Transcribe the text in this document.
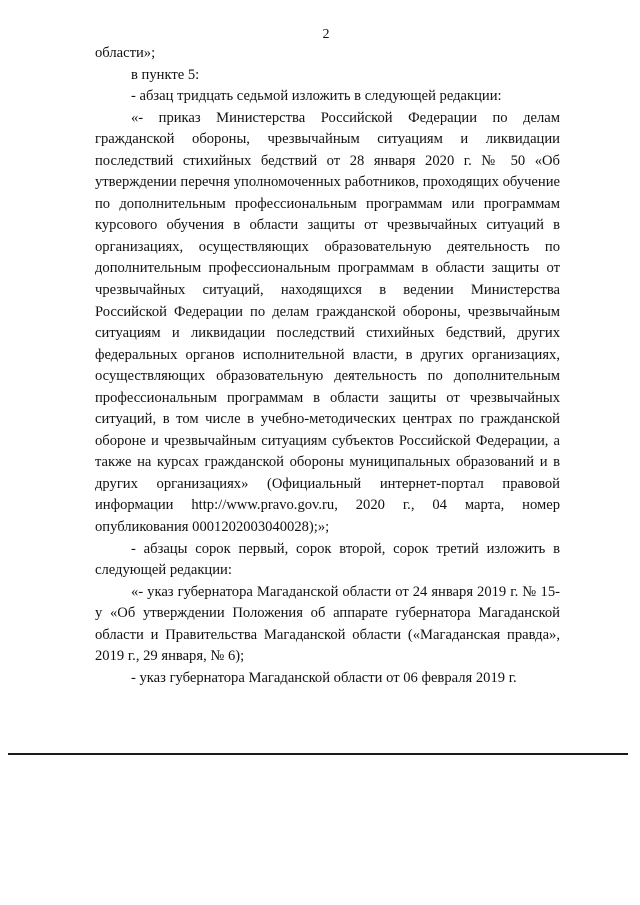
2

области»;

в пункте 5:

- абзац тридцать седьмой изложить в следующей редакции:

«- приказ Министерства Российской Федерации по делам гражданской обороны, чрезвычайным ситуациям и ликвидации последствий стихийных бедствий от 28 января 2020 г. № 50 «Об утверждении перечня уполномоченных работников, проходящих обучение по дополнительным профессиональным программам или программам курсового обучения в области защиты от чрезвычайных ситуаций в организациях, осуществляющих образовательную деятельность по дополнительным профессиональным программам в области защиты от чрезвычайных ситуаций, находящихся в ведении Министерства Российской Федерации по делам гражданской обороны, чрезвычайным ситуациям и ликвидации последствий стихийных бедствий, других федеральных органов исполнительной власти, в других организациях, осуществляющих образовательную деятельность по дополнительным профессиональным программам в области защиты от чрезвычайных ситуаций, в том числе в учебно-методических центрах по гражданской обороне и чрезвычайным ситуациям субъектов Российской Федерации, а также на курсах гражданской обороны муниципальных образований и в других организациях» (Официальный интернет-портал правовой информации http://www.pravo.gov.ru, 2020 г., 04 марта, номер опубликования 0001202003040028);»;

- абзацы сорок первый, сорок второй, сорок третий изложить в следующей редакции:

«- указ губернатора Магаданской области от 24 января 2019 г. № 15-у «Об утверждении Положения об аппарате губернатора Магаданской области и Правительства Магаданской области («Магаданская правда», 2019 г., 29 января, № 6);

- указ губернатора Магаданской области от 06 февраля 2019 г.
